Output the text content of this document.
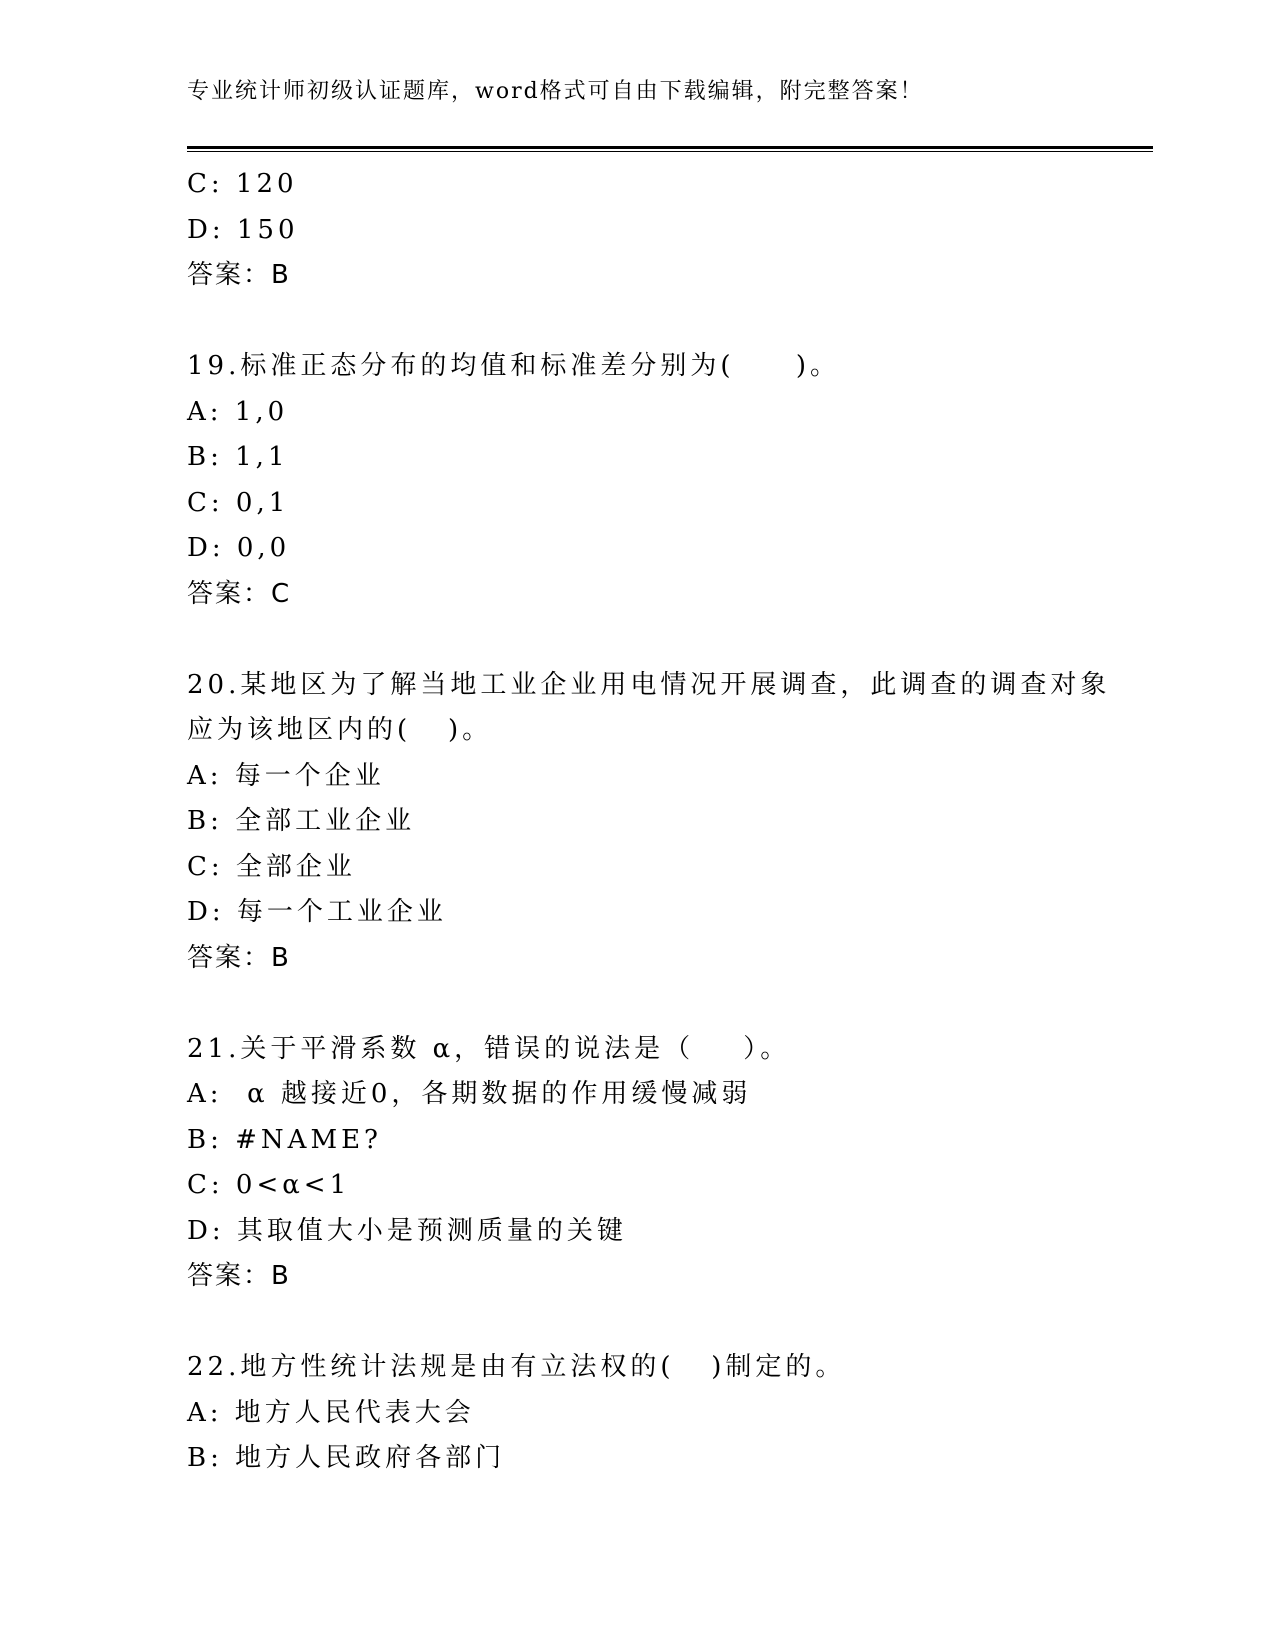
专业统计师初级认证题库，word格式可自由下载编辑，附完整答案！
C: 120
D: 150
答案：B
19.标准正态分布的均值和标准差分别为(     )。
A: 1,0
B: 1,1
C: 0,1
D: 0,0
答案：C
20.某地区为了解当地工业企业用电情况开展调查，此调查的调查对象
应为该地区内的(   )。
A: 每一个企业
B: 全部工业企业
C: 全部企业
D: 每一个工业企业
答案：B
21.关于平滑系数 α，错误的说法是（    ）。
A:  α 越接近0，各期数据的作用缓慢减弱
B: #NAME?
C: 0<α<1
D: 其取值大小是预测质量的关键
答案：B
22.地方性统计法规是由有立法权的(   )制定的。
A: 地方人民代表大会
B: 地方人民政府各部门
